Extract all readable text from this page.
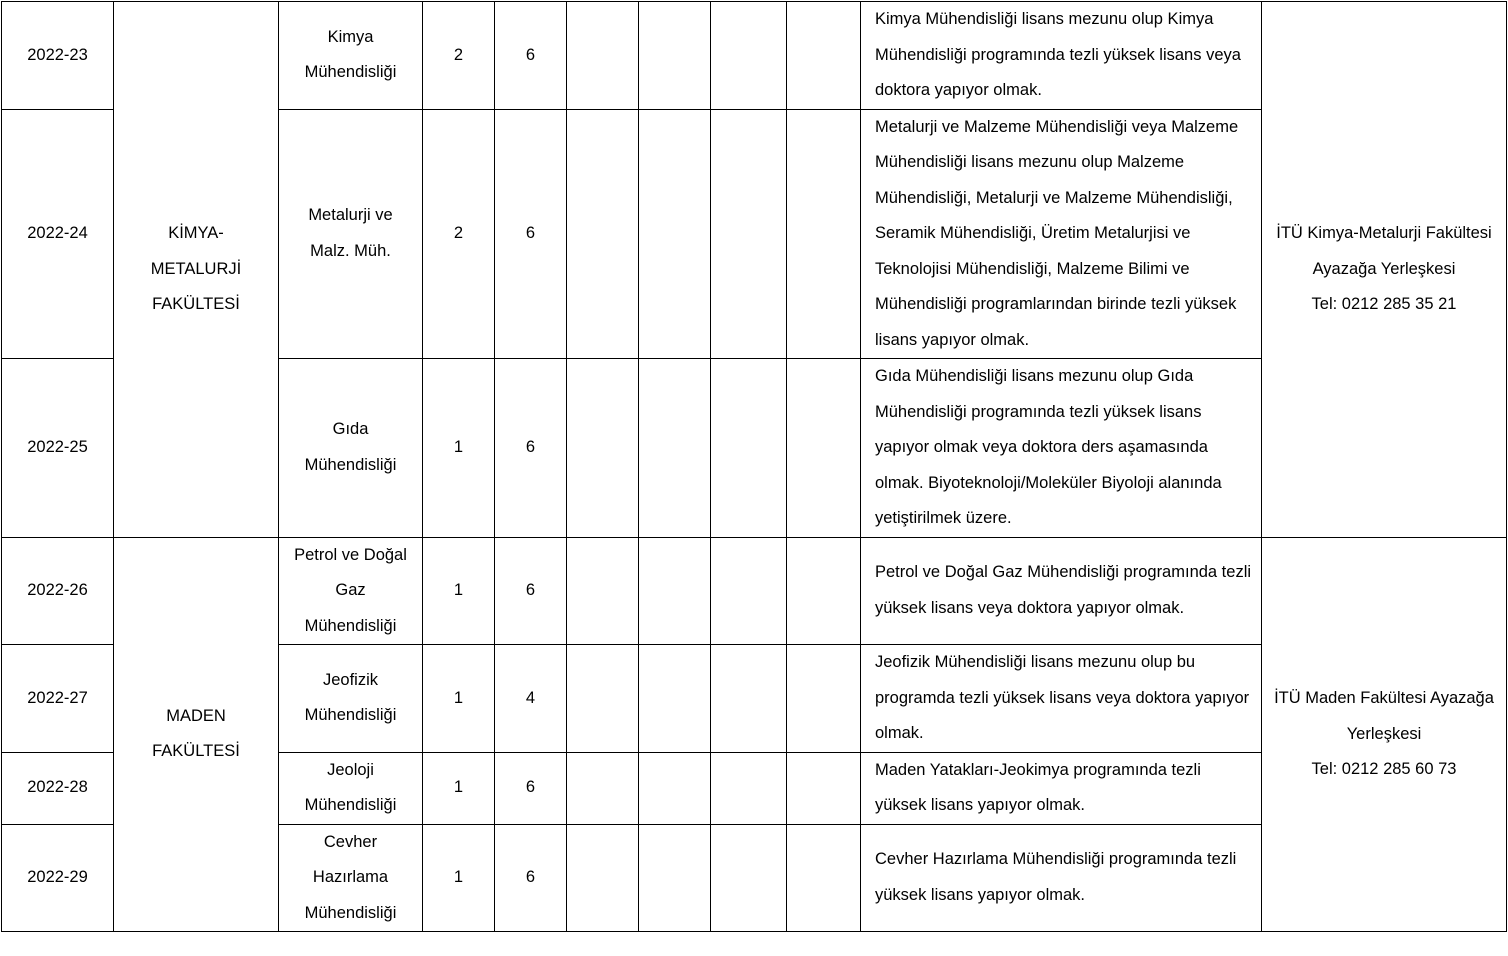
2022-23	KİMYA-
METALURJİ
FAKÜLTESİ	Kimya
Mühendisliği	2	6					Kimya Mühendisliği lisans mezunu olup Kimya Mühendisliği programında tezli yüksek lisans veya doktora yapıyor olmak.	İTÜ Kimya-Metalurji Fakültesi
Ayazağa Yerleşkesi
Tel: 0212 285 35 21

2022-24		Metalurji ve
Malz. Müh.	2	6					Metalurji ve Malzeme Mühendisliği veya Malzeme Mühendisliği lisans mezunu olup Malzeme Mühendisliği, Metalurji ve Malzeme Mühendisliği, Seramik Mühendisliği, Üretim Metalurjisi ve Teknolojisi Mühendisliği, Malzeme Bilimi ve Mühendisliği programlarından birinde tezli yüksek lisans yapıyor olmak.	
2022-25		Gıda
Mühendisliği	1	6					Gıda Mühendisliği lisans mezunu olup Gıda Mühendisliği programında tezli yüksek lisans yapıyor olmak veya doktora ders aşamasında olmak. Biyoteknoloji/Moleküler Biyoloji alanında yetiştirilmek üzere.	
2022-26	MADEN
FAKÜLTESİ	Petrol ve Doğal
Gaz
Mühendisliği	1	6					Petrol ve Doğal Gaz Mühendisliği programında tezli yüksek lisans veya doktora yapıyor olmak.	İTÜ Maden Fakültesi Ayazağa
Yerleşkesi
Tel: 0212 285 60 73

2022-27		Jeofizik
Mühendisliği	1	4					Jeofizik Mühendisliği lisans mezunu olup bu programda tezli yüksek lisans veya doktora yapıyor olmak.	
2022-28		Jeoloji
Mühendisliği	1	6					Maden Yatakları-Jeokimya programında tezli yüksek lisans yapıyor olmak.	
2022-29		Cevher
Hazırlama
Mühendisliği	1	6					Cevher Hazırlama Mühendisliği programında tezli yüksek lisans yapıyor olmak.	
